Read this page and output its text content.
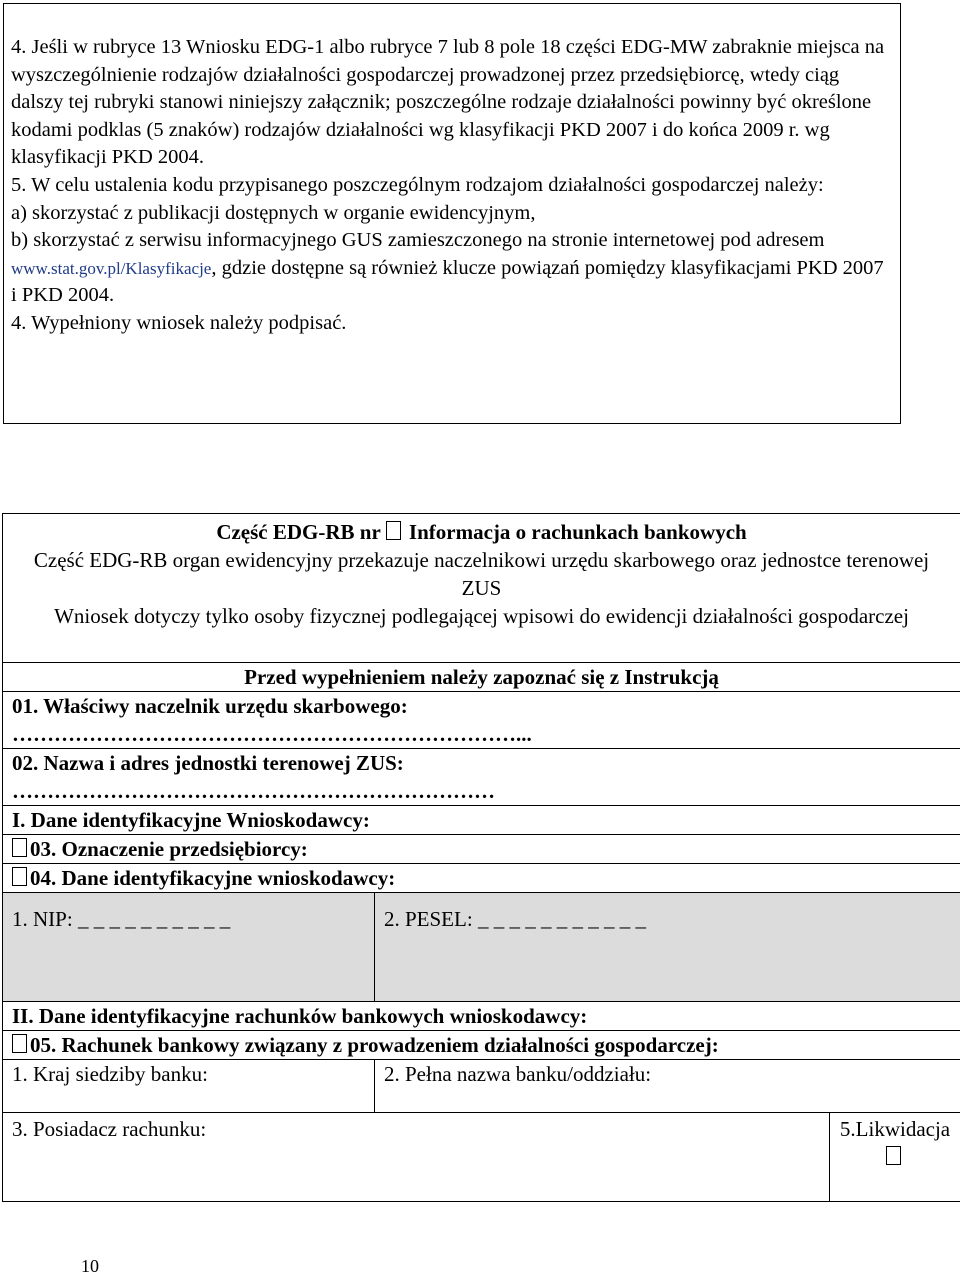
4. Jeśli w rubryce 13 Wniosku EDG-1 albo rubryce 7 lub 8 pole 18 części EDG-MW zabraknie miejsca na wyszczególnienie rodzajów działalności gospodarczej prowadzonej przez przedsiębiorcę, wtedy ciąg dalszy tej rubryki stanowi niniejszy załącznik; poszczególne rodzaje działalności powinny być określone kodami podklas (5 znaków) rodzajów działalności wg klasyfikacji PKD 2007 i do końca 2009 r. wg klasyfikacji PKD 2004.

5. W celu ustalenia kodu przypisanego poszczególnym rodzajom działalności gospodarczej należy:

a) skorzystać z publikacji dostępnych w organie ewidencyjnym,

b) skorzystać z serwisu informacyjnego GUS zamieszczonego na stronie internetowej pod adresem
www.stat.gov.pl/Klasyfikacje, gdzie dostępne są również klucze powiązań pomiędzy klasyfikacjami PKD 2007 i PKD 2004.

4. Wypełniony wniosek należy podpisać.

Część EDG-RB nr Informacja o rachunkach bankowych
Część EDG-RB organ ewidencyjny przekazuje naczelnikowi urzędu skarbowego oraz jednostce terenowej ZUS
Wniosek dotyczy tylko osoby fizycznej podlegającej wpisowi do ewidencji działalności gospodarczej		

Przed wypełnieniem należy zapoznać się z Instrukcją		

01. Właściwy naczelnik urzędu skarbowego:
………………………………………………………………...		

02. Nazwa i adres jednostki terenowej ZUS:
……………………………………………………………		

I. Dane identyfikacyjne Wnioskodawcy:		
03. Oznaczenie przedsiębiorcy:		
04. Dane identyfikacyjne wnioskodawcy:		
1. NIP: _ _ _ _ _ _ _ _ _ _	2. PESEL: _ _ _ _ _ _ _ _ _ _ _	
II. Dane identyfikacyjne rachunków bankowych wnioskodawcy:		
05. Rachunek bankowy związany z prowadzeniem działalności gospodarczej:		
1. Kraj siedziby banku:	2. Pełna nazwa banku/oddziału:	
3. Posiadacz rachunku:		5.Likwidacja
10
